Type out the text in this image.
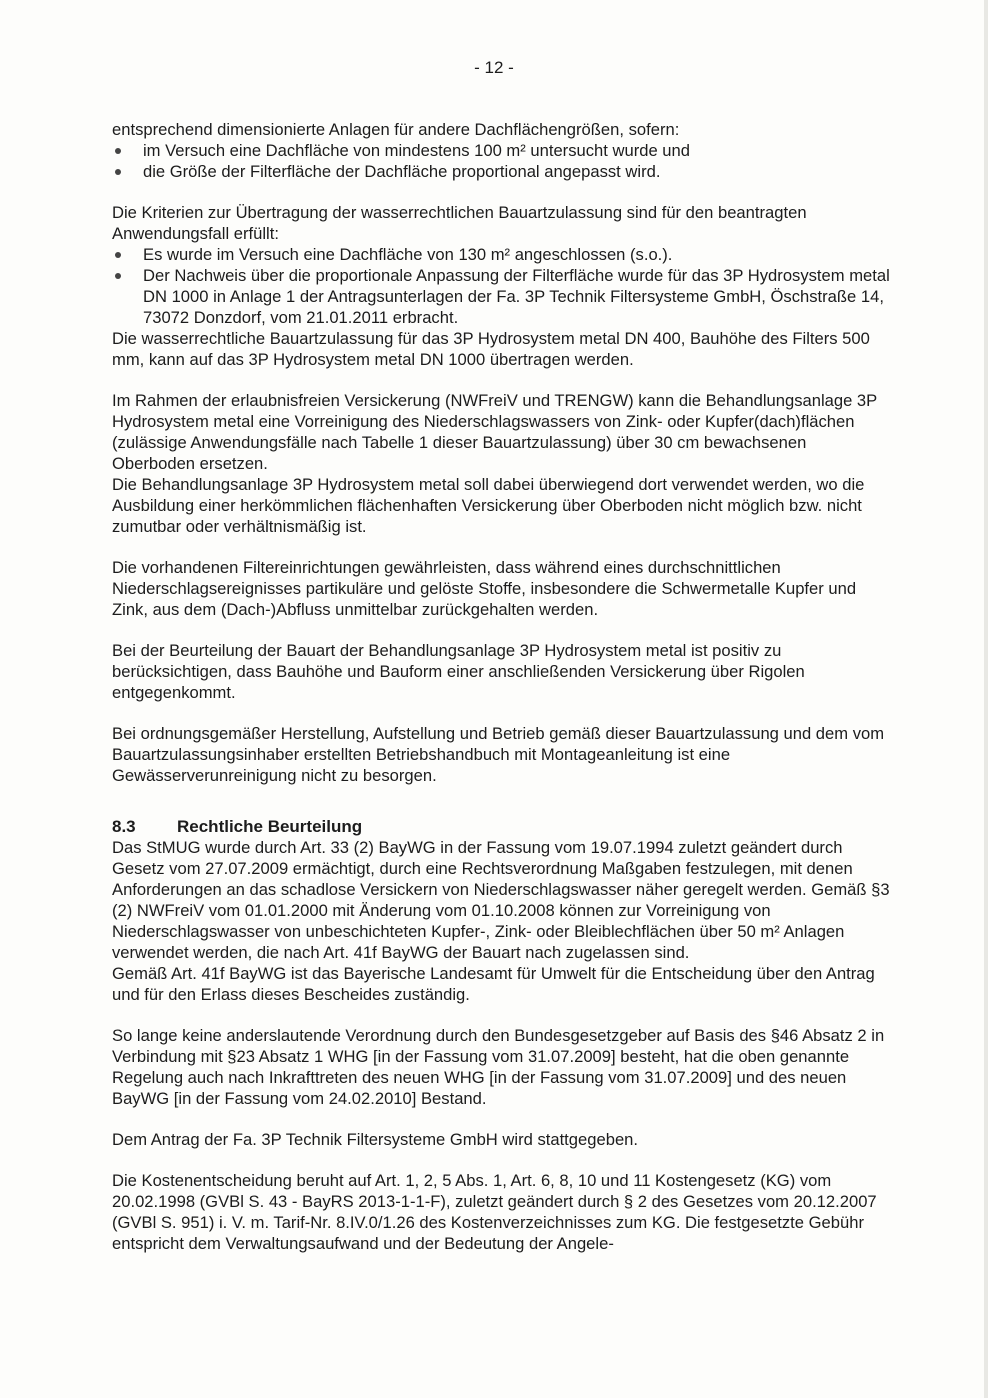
- 12 -

entsprechend dimensionierte Anlagen für andere Dachflächengrößen, sofern:

im Versuch eine Dachfläche von mindestens 100 m² untersucht wurde und
die Größe der Filterfläche der Dachfläche proportional angepasst wird.

Die Kriterien zur Übertragung der wasserrechtlichen Bauartzulassung sind für den beantragten Anwendungsfall erfüllt:

Es wurde im Versuch eine Dachfläche von 130 m² angeschlossen (s.o.).
Der Nachweis über die proportionale Anpassung der Filterfläche wurde für das 3P Hydrosystem metal DN 1000 in Anlage 1 der Antragsunterlagen der Fa. 3P Technik Filtersysteme GmbH, Öschstraße 14, 73072 Donzdorf, vom 21.01.2011 erbracht.

Die wasserrechtliche Bauartzulassung für das 3P Hydrosystem metal DN 400, Bauhöhe des Filters 500 mm, kann auf das 3P Hydrosystem metal DN 1000 übertragen werden.

Im Rahmen der erlaubnisfreien Versickerung (NWFreiV und TRENGW) kann die Behandlungsanlage 3P Hydrosystem metal eine Vorreinigung des Niederschlagswassers von Zink- oder Kupfer(dach)flächen (zulässige Anwendungsfälle nach Tabelle 1 dieser Bauartzulassung) über 30 cm bewachsenen Oberboden ersetzen.

Die Behandlungsanlage 3P Hydrosystem metal soll dabei überwiegend dort verwendet werden, wo die Ausbildung einer herkömmlichen flächenhaften Versickerung über Oberboden nicht möglich bzw. nicht zumutbar oder verhältnismäßig ist.

Die vorhandenen Filtereinrichtungen gewährleisten, dass während eines durchschnittlichen Niederschlagsereignisses partikuläre und gelöste Stoffe, insbesondere die Schwermetalle Kupfer und Zink, aus dem (Dach-)Abfluss unmittelbar zurückgehalten werden.

Bei der Beurteilung der Bauart der Behandlungsanlage 3P Hydrosystem metal ist positiv zu berücksichtigen, dass Bauhöhe und Bauform einer anschließenden Versickerung über Rigolen entgegenkommt.

Bei ordnungsgemäßer Herstellung, Aufstellung und Betrieb gemäß dieser Bauartzulassung und dem vom Bauartzulassungsinhaber erstellten Betriebshandbuch mit Montageanleitung ist eine Gewässerverunreinigung nicht zu besorgen.

8.3 Rechtliche Beurteilung

Das StMUG wurde durch Art. 33 (2) BayWG in der Fassung vom 19.07.1994 zuletzt geändert durch Gesetz vom 27.07.2009 ermächtigt, durch eine Rechtsverordnung Maßgaben festzulegen, mit denen Anforderungen an das schadlose Versickern von Niederschlagswasser näher geregelt werden. Gemäß §3 (2) NWFreiV vom 01.01.2000 mit Änderung vom 01.10.2008 können zur Vorreinigung von Niederschlagswasser von unbeschichteten Kupfer-, Zink- oder Bleiblechflächen über 50 m² Anlagen verwendet werden, die nach Art. 41f BayWG der Bauart nach zugelassen sind.

Gemäß Art. 41f BayWG ist das Bayerische Landesamt für Umwelt für die Entscheidung über den Antrag und für den Erlass dieses Bescheides zuständig.

So lange keine anderslautende Verordnung durch den Bundesgesetzgeber auf Basis des §46 Absatz 2 in Verbindung mit §23 Absatz 1 WHG [in der Fassung vom 31.07.2009] besteht, hat die oben genannte Regelung auch nach Inkrafttreten des neuen WHG [in der Fassung vom 31.07.2009] und des neuen BayWG [in der Fassung vom 24.02.2010] Bestand.

Dem Antrag der Fa. 3P Technik Filtersysteme GmbH wird stattgegeben.

Die Kostenentscheidung beruht auf Art. 1, 2, 5 Abs. 1, Art. 6, 8, 10 und 11 Kostengesetz (KG) vom 20.02.1998 (GVBl S. 43 - BayRS 2013-1-1-F), zuletzt geändert durch § 2 des Gesetzes vom 20.12.2007 (GVBl S. 951) i. V. m. Tarif-Nr. 8.IV.0/1.26 des Kostenverzeichnisses zum KG. Die festgesetzte Gebühr entspricht dem Verwaltungsaufwand und der Bedeutung der Angele-
